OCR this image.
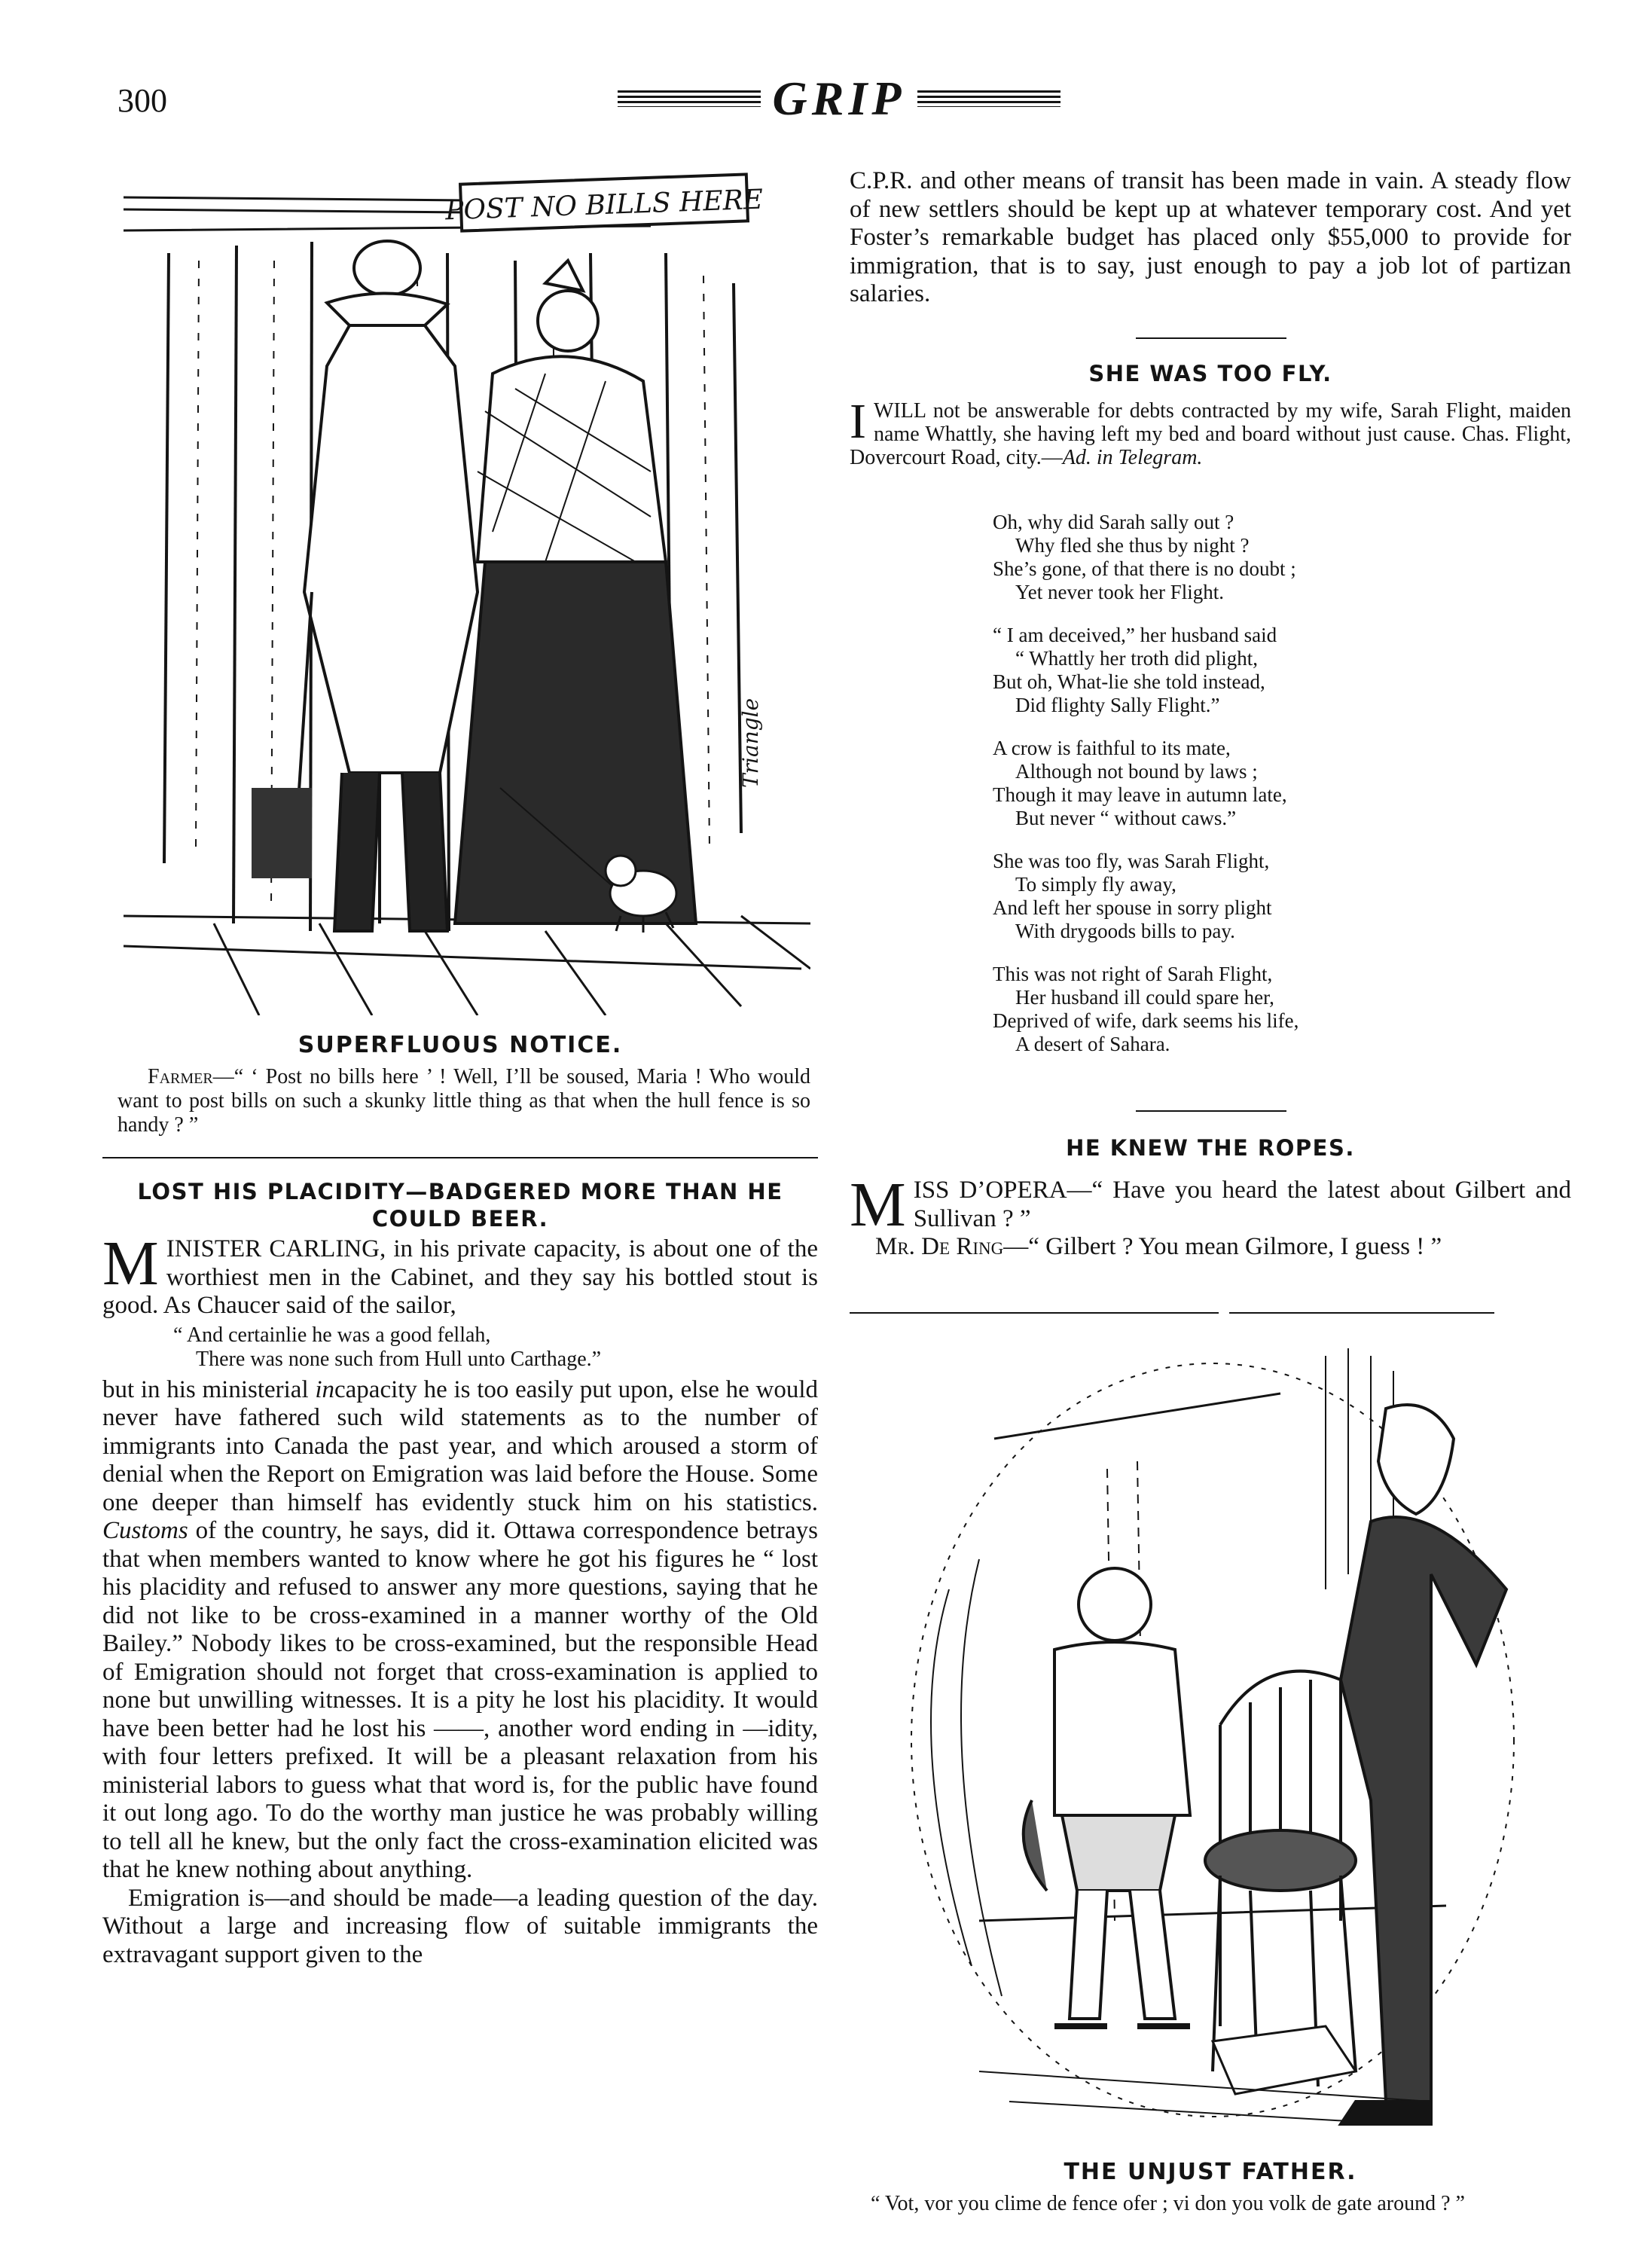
300	GRIP
POST NO BILLS HERE
Triangle
SUPERFLUOUS NOTICE.
Farmer—“ ‘ Post no bills here ’ ! Well, I’ll be soused, Maria ! Who would want to post bills on such a skunky little thing as that when the hull fence is so handy ? ”
LOST HIS PLACIDITY—BADGERED MORE THAN HE COULD BEER.

MINISTER CARLING, in his private capacity, is about one of the worthiest men in the Cabinet, and they say his bottled stout is good. As Chaucer said of the sailor,

“ And certainlie he was a good fellah,
There was none such from Hull unto Carthage.”

but in his ministerial incapacity he is too easily put upon, else he would never have fathered such wild statements as to the number of immigrants into Canada the past year, and which aroused a storm of denial when the Report on Emigration was laid before the House. Some one deeper than himself has evidently stuck him on his statistics. Customs of the country, he says, did it. Ottawa correspondence betrays that when members wanted to know where he got his figures he “ lost his placidity and refused to answer any more questions, saying that he did not like to be cross-examined in a manner worthy of the Old Bailey.” Nobody likes to be cross-examined, but the responsible Head of Emigration should not forget that cross-examination is applied to none but unwilling witnesses. It is a pity he lost his placidity. It would have been better had he lost his ——, another word ending in —idity, with four letters prefixed. It will be a pleasant relaxation from his ministerial labors to guess what that word is, for the public have found it out long ago. To do the worthy man justice he was probably willing to tell all he knew, but the only fact the cross-examination elicited was that he knew nothing about anything.

Emigration is—and should be made—a leading question of the day. Without a large and increasing flow of suitable immigrants the extravagant support given to the

C.P.R. and other means of transit has been made in vain. A steady flow of new settlers should be kept up at whatever temporary cost. And yet Foster’s remarkable budget has placed only $55,000 to provide for immigration, that is to say, just enough to pay a job lot of partizan salaries.

SHE WAS TOO FLY.

IWILL not be answerable for debts contracted by my wife, Sarah Flight, maiden name Whattly, she having left my bed and board without just cause. Chas. Flight, Dovercourt Road, city.—Ad. in Telegram.

Oh, why did Sarah sally out ?
Why fled she thus by night ?
She’s gone, of that there is no doubt ;
Yet never took her Flight.
“ I am deceived,” her husband said
“ Whattly her troth did plight,
But oh, What-lie she told instead,
Did flighty Sally Flight.”
A crow is faithful to its mate,
Although not bound by laws ;
Though it may leave in autumn late,
But never “ without caws.”
She was too fly, was Sarah Flight,
To simply fly away,
And left her spouse in sorry plight
With drygoods bills to pay.
This was not right of Sarah Flight,
Her husband ill could spare her,
Deprived of wife, dark seems his life,
A desert of Sahara.
HE KNEW THE ROPES.

MISS D’OPERA—“ Have you heard the latest about Gilbert and Sullivan ? ”

Mr. De Ring—“ Gilbert ? You mean Gilmore, I guess ! ”

THE UNJUST FATHER.
“ Vot, vor you clime de fence ofer ; vi don you volk de gate around ? ”
